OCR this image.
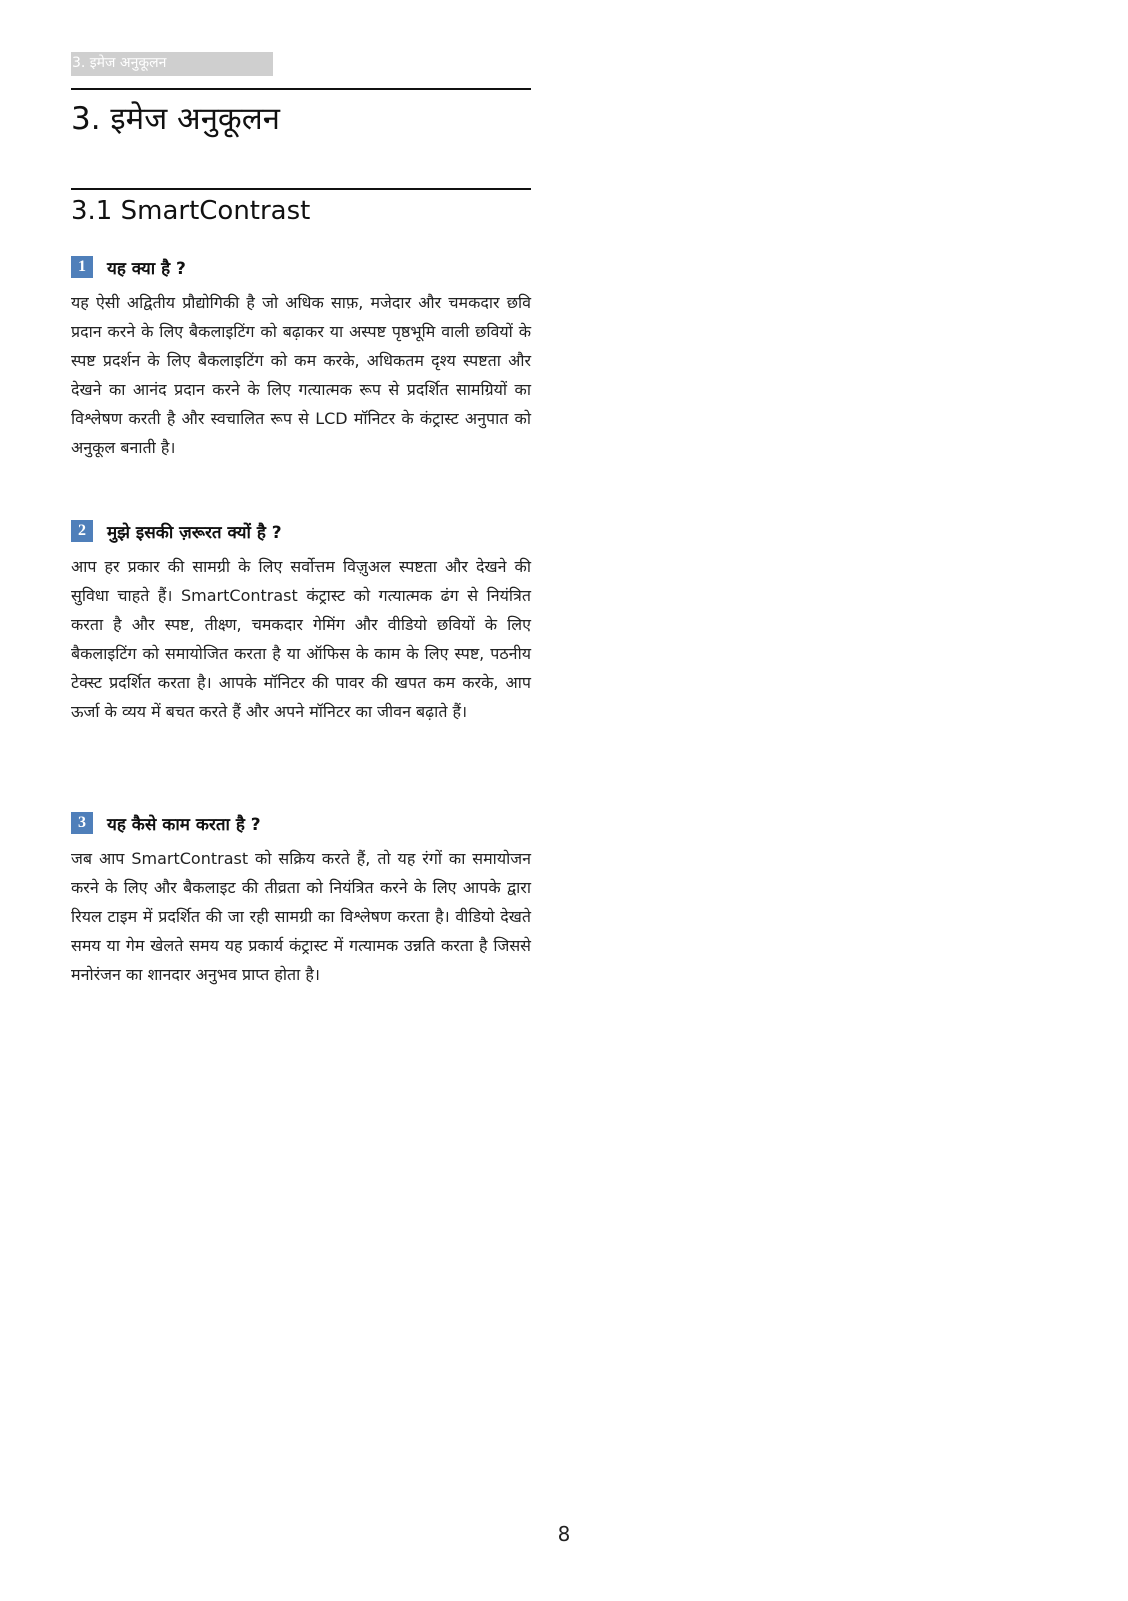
3. इमेज अनुकूलन
3. इमेज अनुकूलन
3.1 SmartContrast
1	यह क्या है ?

यह ऐसी अद्वितीय प्रौद्योगिकी है जो अधिक साफ़, मजेदार और चमकदार छवि प्रदान करने के लिए बैकलाइटिंग को बढ़ाकर या अस्पष्ट पृष्ठभूमि वाली छवियों के स्पष्ट प्रदर्शन के लिए बैकलाइटिंग को कम करके, अधिकतम दृश्य स्पष्टता और देखने का आनंद प्रदान करने के लिए गत्यात्मक रूप से प्रदर्शित सामग्रियों का विश्लेषण करती है और स्वचालित रूप से LCD मॉनिटर के कंट्रास्ट अनुपात को अनुकूल बनाती है।

2	मुझे इसकी ज़रूरत क्यों है ?

आप हर प्रकार की सामग्री के लिए सर्वोत्तम विज़ुअल स्पष्टता और देखने की सुविधा चाहते हैं। SmartContrast कंट्रास्ट को गत्यात्मक ढंग से नियंत्रित करता है और स्पष्ट, तीक्ष्ण, चमकदार गेमिंग और वीडियो छवियों के लिए बैकलाइटिंग को समायोजित करता है या ऑफिस के काम के लिए स्पष्ट, पठनीय टेक्स्ट प्रदर्शित करता है। आपके मॉनिटर की पावर की खपत कम करके, आप ऊर्जा के व्यय में बचत करते हैं और अपने मॉनिटर का जीवन बढ़ाते हैं।

3	यह कैसे काम करता है ?

जब आप SmartContrast को सक्रिय करते हैं, तो यह रंगों का समायोजन करने के लिए और बैकलाइट की तीव्रता को नियंत्रित करने के लिए आपके द्वारा रियल टाइम में प्रदर्शित की जा रही सामग्री का विश्लेषण करता है। वीडियो देखते समय या गेम खेलते समय यह प्रकार्य कंट्रास्ट में गत्यामक उन्नति करता है जिससे मनोरंजन का शानदार अनुभव प्राप्त होता है।

8
